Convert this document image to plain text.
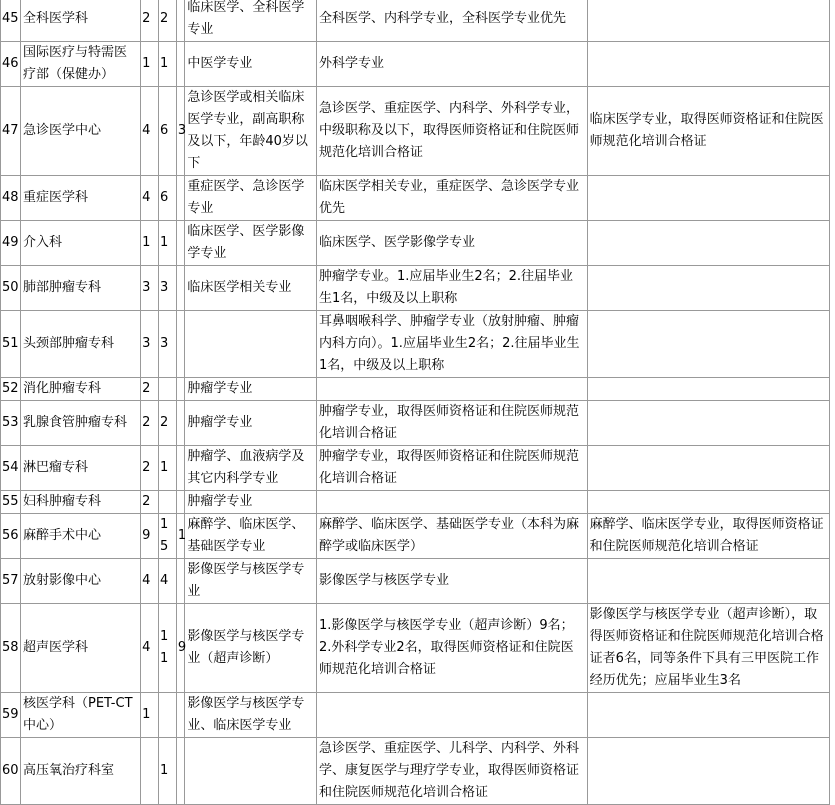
45	全科医学科	2	2		临床医学、全科医学专业	全科医学、内科学专业，全科医学专业优先	
46	国际医疗与特需医疗部（保健办）	1	1		中医学专业	外科学专业	
47	急诊医学中心	4	6	3	急诊医学或相关临床医学专业，副高职称及以下，年龄40岁以下	急诊医学、重症医学、内科学、外科学专业，中级职称及以下，取得医师资格证和住院医师规范化培训合格证	临床医学专业，取得医师资格证和住院医师规范化培训合格证
48	重症医学科	4	6		重症医学、急诊医学专业	临床医学相关专业，重症医学、急诊医学专业优先	
49	介入科	1	1		临床医学、医学影像学专业	临床医学、医学影像学专业	
50	肺部肿瘤专科	3	3		临床医学相关专业	肿瘤学专业。1.应届毕业生2名；2.往届毕业生1名，中级及以上职称	
51	头颈部肿瘤专科	3	3			耳鼻咽喉科学、肿瘤学专业（放射肿瘤、肿瘤内科方向）。1.应届毕业生2名；2.往届毕业生1名，中级及以上职称	
52	消化肿瘤专科	2			肿瘤学专业		
53	乳腺食管肿瘤专科	2	2		肿瘤学专业	肿瘤学专业，取得医师资格证和住院医师规范化培训合格证	
54	淋巴瘤专科	2	1		肿瘤学、血液病学及其它内科学专业	肿瘤学专业，取得医师资格证和住院医师规范化培训合格证	
55	妇科肿瘤专科	2			肿瘤学专业		
56	麻醉手术中心	9	15	1	麻醉学、临床医学、基础医学专业	麻醉学、临床医学、基础医学专业（本科为麻醉学或临床医学）	麻醉学、临床医学专业，取得医师资格证和住院医师规范化培训合格证
57	放射影像中心	4	4		影像医学与核医学专业	影像医学与核医学专业	
58	超声医学科	4	11	9	影像医学与核医学专业（超声诊断）	1.影像医学与核医学专业（超声诊断）9名；2.外科学专业2名，取得医师资格证和住院医师规范化培训合格证	影像医学与核医学专业（超声诊断），取得医师资格证和住院医师规范化培训合格证者6名，同等条件下具有三甲医院工作经历优先；应届毕业生3名
59	核医学科（PET-CT中心）	1			影像医学与核医学专业、临床医学专业		
60	高压氧治疗科室		1			急诊医学、重症医学、儿科学、内科学、外科学、康复医学与理疗学专业，取得医师资格证和住院医师规范化培训合格证	
